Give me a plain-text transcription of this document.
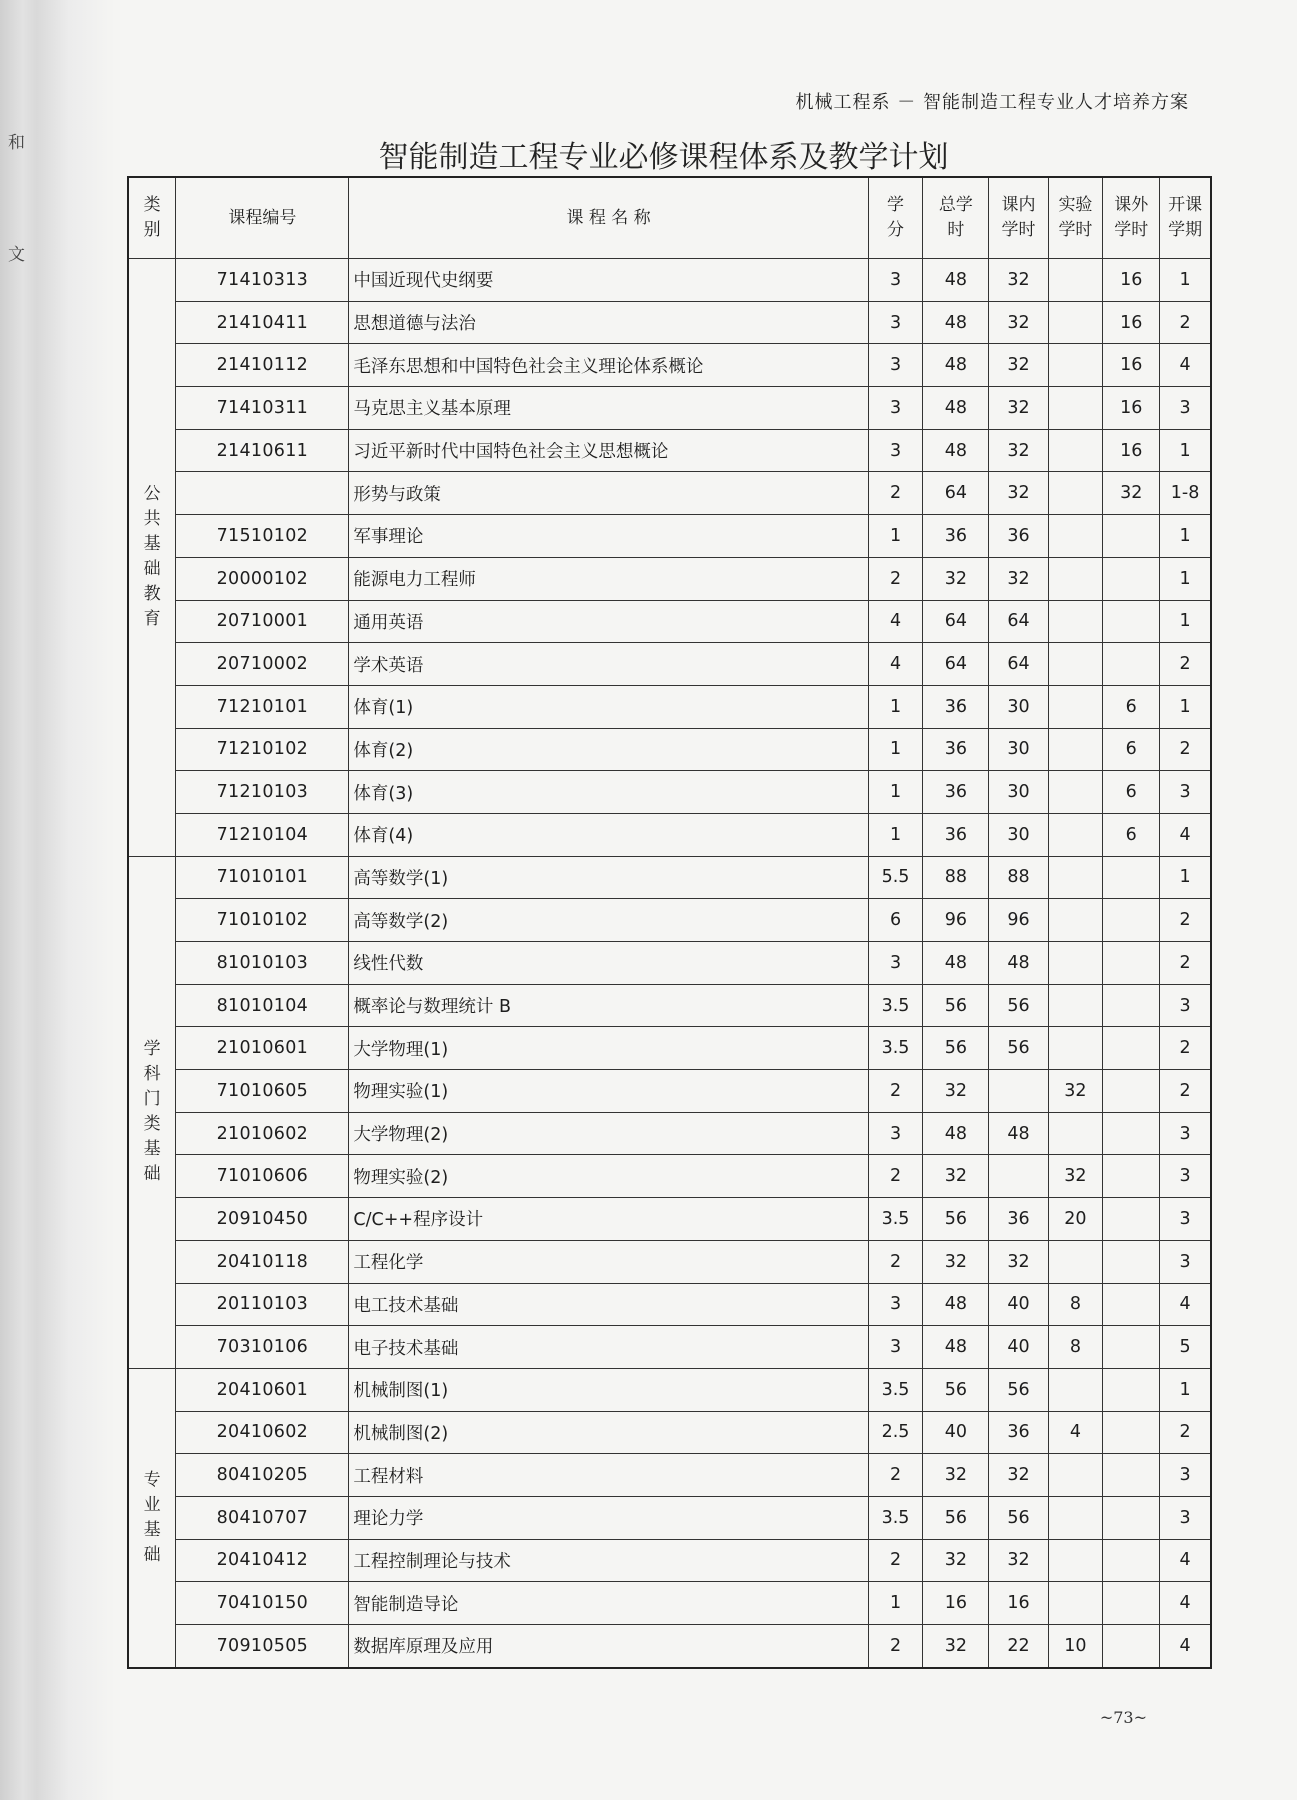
和
文
机械工程系 － 智能制造工程专业人才培养方案
智能制造工程专业必修课程体系及教学计划
类别	课程编号	课 程 名 称	学分	总学时	课内学时	实验学时	课外学时	开课学期
公共基础教育	71410313	中国近现代史纲要	3	48	32		16	1
	21410411	思想道德与法治	3	48	32		16	2
	21410112	毛泽东思想和中国特色社会主义理论体系概论	3	48	32		16	4
	71410311	马克思主义基本原理	3	48	32		16	3
	21410611	习近平新时代中国特色社会主义思想概论	3	48	32		16	1
		形势与政策	2	64	32		32	1-8
	71510102	军事理论	1	36	36			1
	20000102	能源电力工程师	2	32	32			1
	20710001	通用英语	4	64	64			1
	20710002	学术英语	4	64	64			2
	71210101	体育(1)	1	36	30		6	1
	71210102	体育(2)	1	36	30		6	2
	71210103	体育(3)	1	36	30		6	3
	71210104	体育(4)	1	36	30		6	4
学科门类基础	71010101	高等数学(1)	5.5	88	88			1
	71010102	高等数学(2)	6	96	96			2
	81010103	线性代数	3	48	48			2
	81010104	概率论与数理统计 B	3.5	56	56			3
	21010601	大学物理(1)	3.5	56	56			2
	71010605	物理实验(1)	2	32		32		2
	21010602	大学物理(2)	3	48	48			3
	71010606	物理实验(2)	2	32		32		3
	20910450	C/C++程序设计	3.5	56	36	20		3
	20410118	工程化学	2	32	32			3
	20110103	电工技术基础	3	48	40	8		4
	70310106	电子技术基础	3	48	40	8		5
专业基础	20410601	机械制图(1)	3.5	56	56			1
	20410602	机械制图(2)	2.5	40	36	4		2
	80410205	工程材料	2	32	32			3
	80410707	理论力学	3.5	56	56			3
	20410412	工程控制理论与技术	2	32	32			4
	70410150	智能制造导论	1	16	16			4
	70910505	数据库原理及应用	2	32	22	10		4
~73~
